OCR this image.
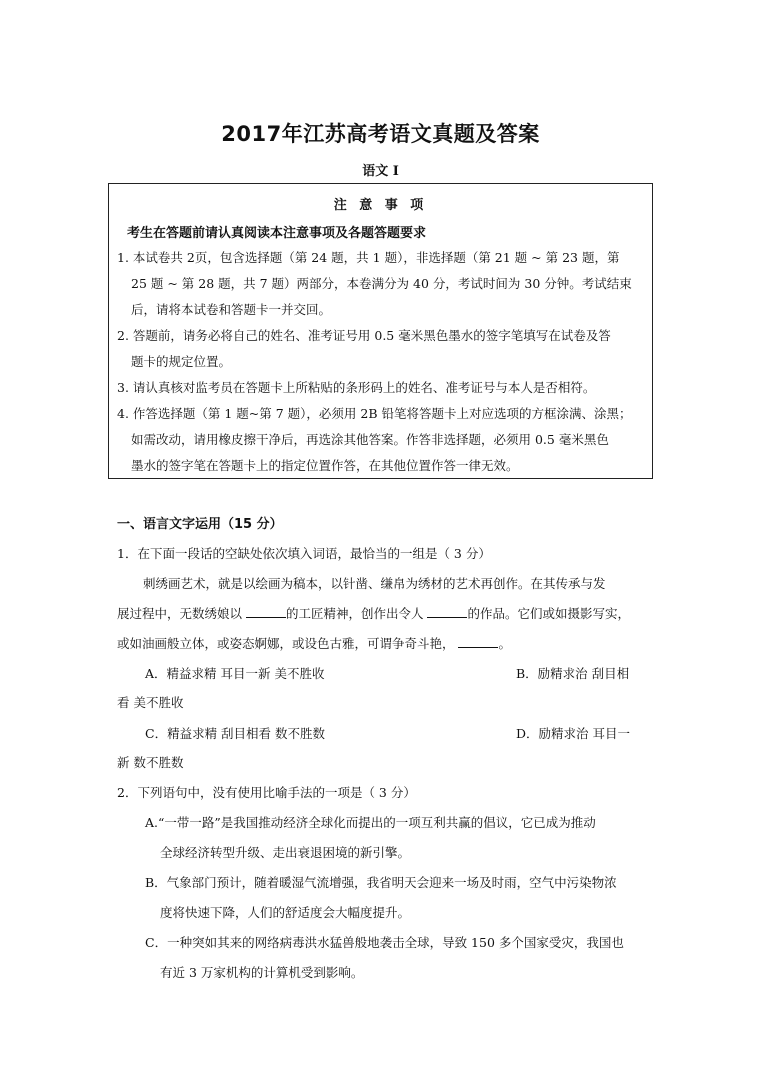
2017年江苏高考语文真题及答案
语文 I
注 意 事 项
考生在答题前请认真阅读本注意事项及各题答题要求
1. 本试卷共 2页，包含选择题（第 24 题，共 1 题），非选择题（第 21 题 ~ 第 23 题，第
25 题 ~ 第 28 题，共 7 题）两部分，本卷满分为 40 分，考试时间为 30 分钟。考试结束
后，请将本试卷和答题卡一并交回。
2. 答题前，请务必将自己的姓名、准考证号用 0.5 毫米黑色墨水的签字笔填写在试卷及答
题卡的规定位置。
3. 请认真核对监考员在答题卡上所粘贴的条形码上的姓名、准考证号与本人是否相符。
4. 作答选择题（第 1 题~第 7 题），必须用 2B 铅笔将答题卡上对应选项的方框涂满、涂黑；
如需改动，请用橡皮擦干净后，再选涂其他答案。作答非选择题，必须用 0.5 毫米黑色
墨水的签字笔在答题卡上的指定位置作答，在其他位置作答一律无效。
一、语言文字运用（15 分）
1．在下面一段话的空缺处依次填入词语，最恰当的一组是（ 3 分）
刺绣画艺术，就是以绘画为稿本，以针凿、缣帛为绣材的艺术再创作。在其传承与发
展过程中，无数绣娘以	的工匠精神，创作出令人	的作品。它们或如摄影写实，
或如油画般立体，或姿态婀娜，或设色古雅，可谓争奇斗艳，	。
A．精益求精 耳目一新 美不胜收	B．励精求治 刮目相
看 美不胜收
C．精益求精 刮目相看 数不胜数	D．励精求治 耳目一
新 数不胜数
2．下列语句中，没有使用比喻手法的一项是（ 3 分）
A.“一带一路”是我国推动经济全球化而提出的一项互利共赢的倡议，它已成为推动
全球经济转型升级、走出衰退困境的新引擎。
B．气象部门预计，随着暖湿气流增强，我省明天会迎来一场及时雨，空气中污染物浓
度将快速下降，人们的舒适度会大幅度提升。
C．一种突如其来的网络病毒洪水猛兽般地袭击全球，导致 150 多个国家受灾，我国也
有近 3 万家机构的计算机受到影响。
